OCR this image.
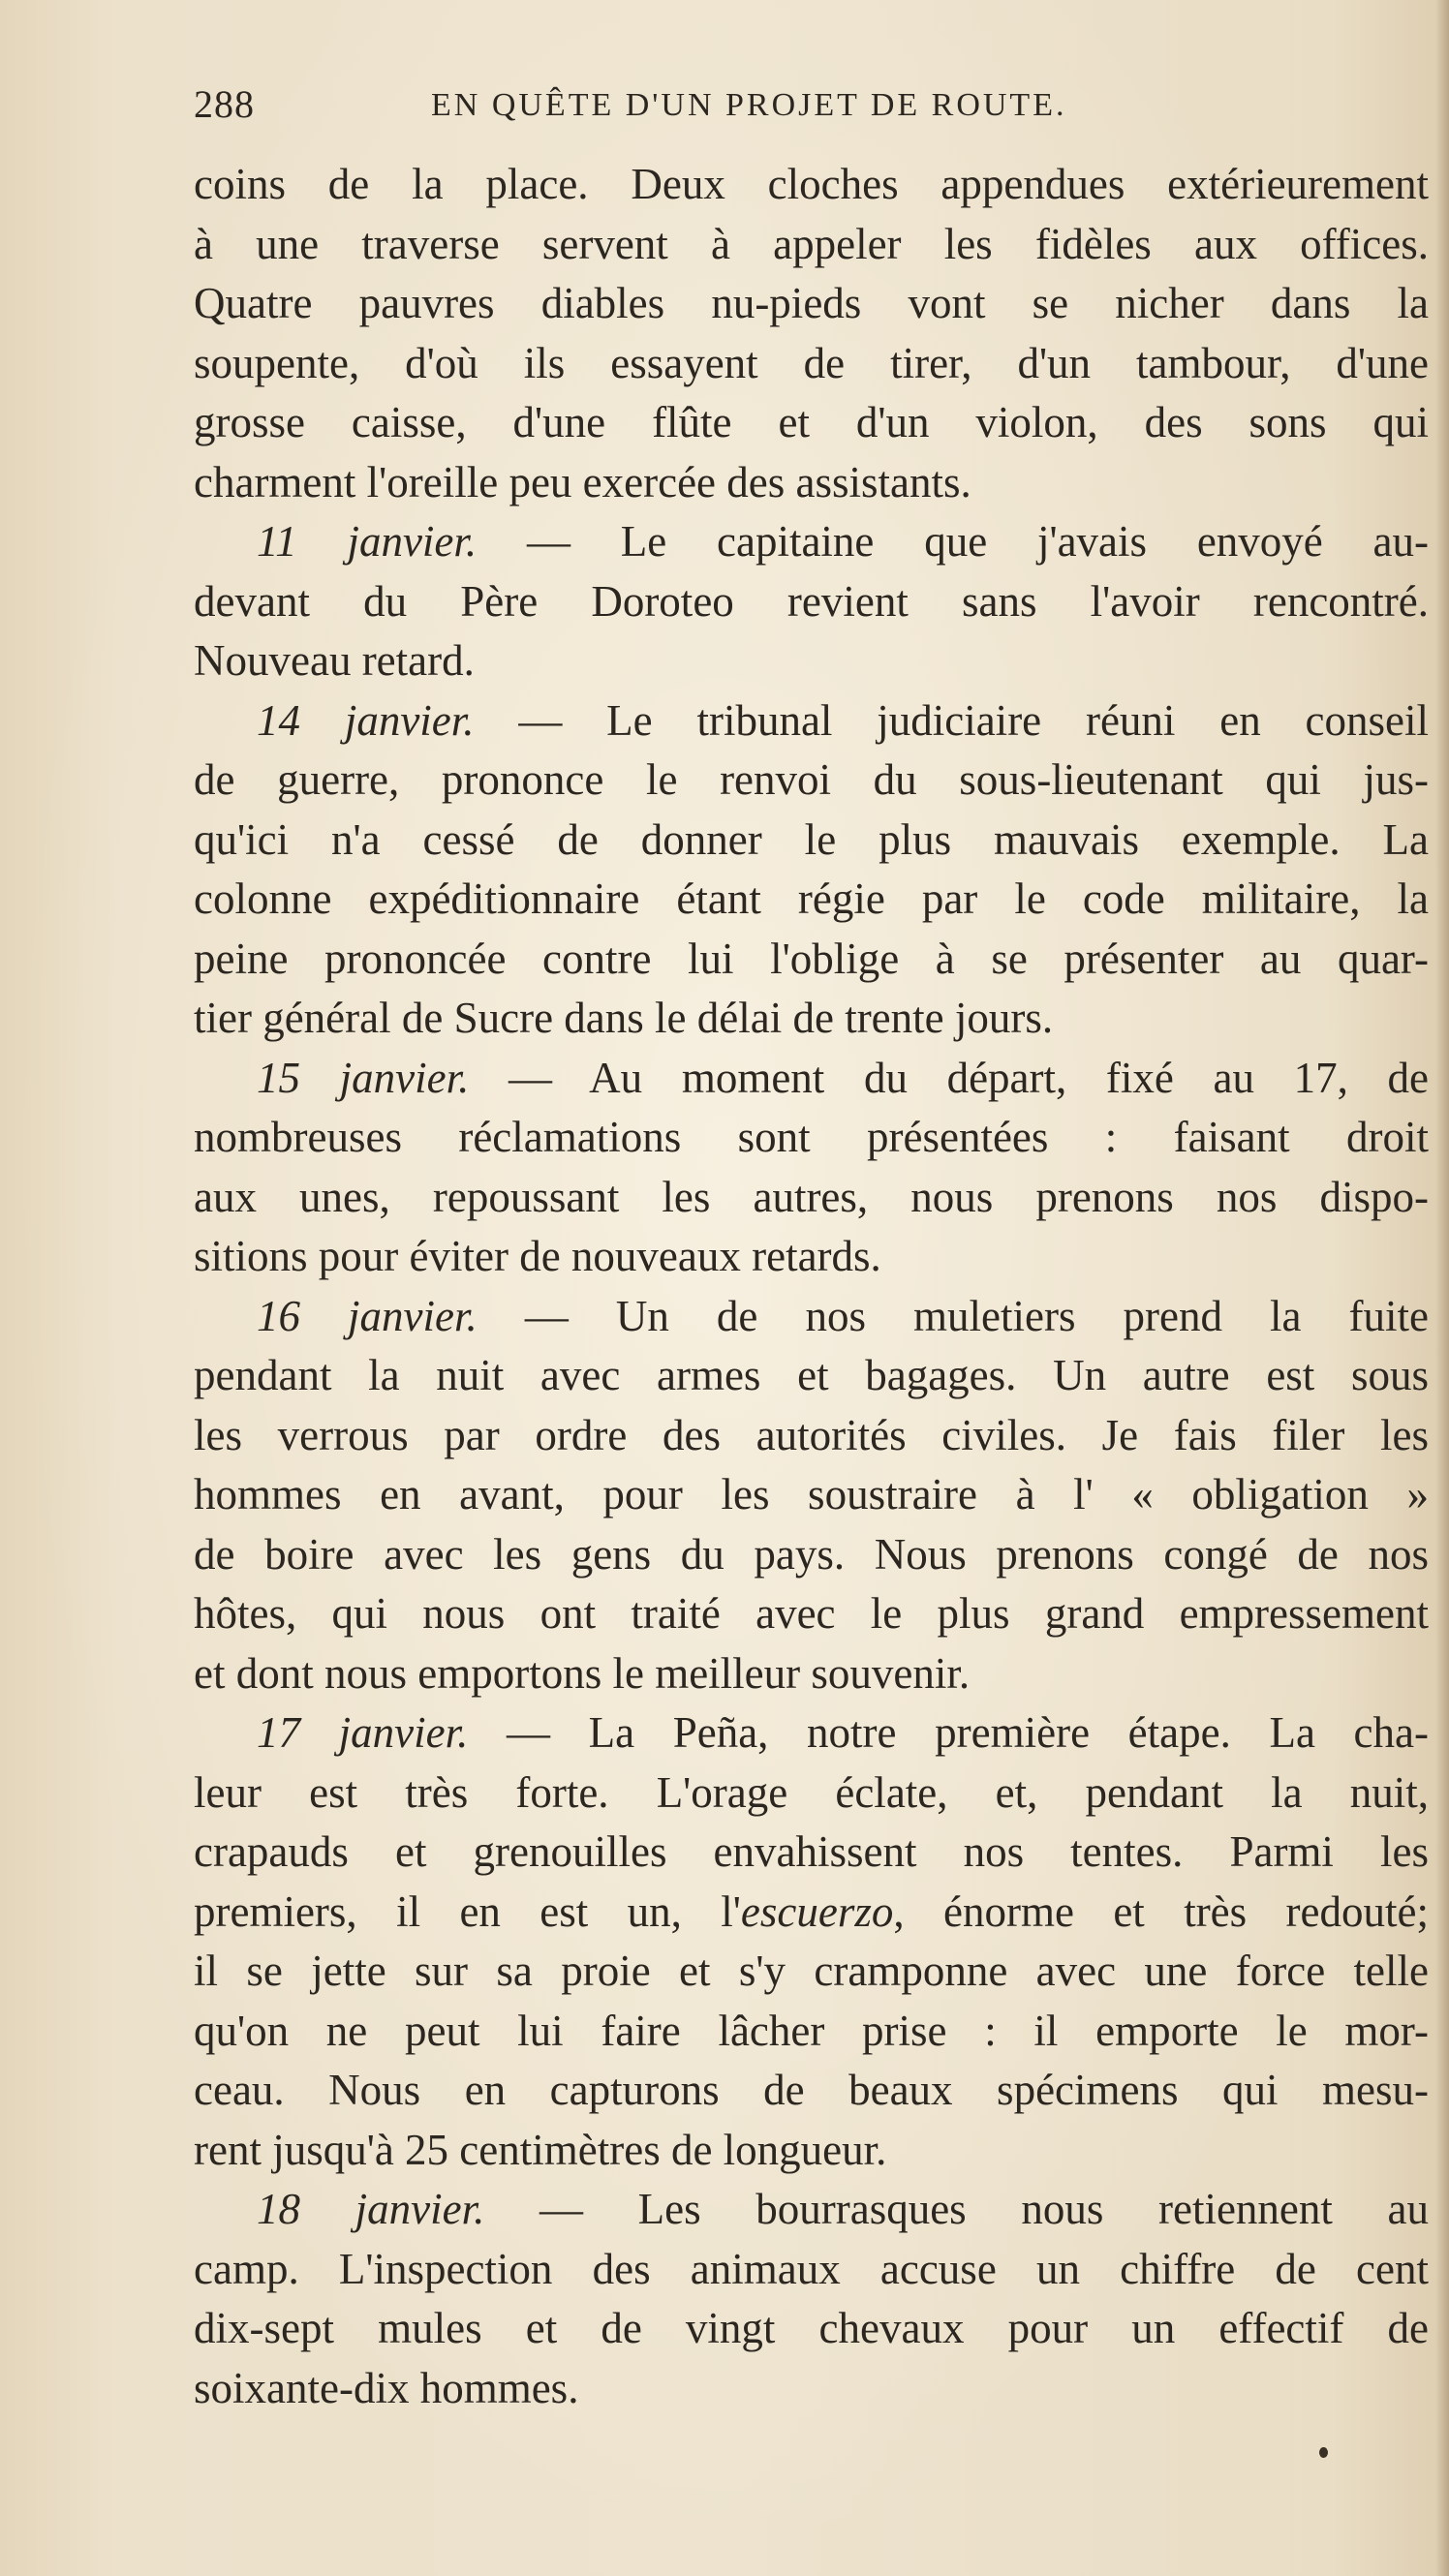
288	EN QUÊTE D'UN PROJET DE ROUTE.
coins de la place. Deux cloches appendues extérieurement
à une traverse servent à appeler les fidèles aux offices.
Quatre pauvres diables nu-pieds vont se nicher dans la
soupente, d'où ils essayent de tirer, d'un tambour, d'une
grosse caisse, d'une flûte et d'un violon, des sons qui
charment l'oreille peu exercée des assistants.
11 janvier. — Le capitaine que j'avais envoyé au-
devant du Père Doroteo revient sans l'avoir rencontré.
Nouveau retard.
14 janvier. — Le tribunal judiciaire réuni en conseil
de guerre, prononce le renvoi du sous-lieutenant qui jus-
qu'ici n'a cessé de donner le plus mauvais exemple. La
colonne expéditionnaire étant régie par le code militaire, la
peine prononcée contre lui l'oblige à se présenter au quar-
tier général de Sucre dans le délai de trente jours.
15 janvier. — Au moment du départ, fixé au 17, de
nombreuses réclamations sont présentées : faisant droit
aux unes, repoussant les autres, nous prenons nos dispo-
sitions pour éviter de nouveaux retards.
16 janvier. — Un de nos muletiers prend la fuite
pendant la nuit avec armes et bagages. Un autre est sous
les verrous par ordre des autorités civiles. Je fais filer les
hommes en avant, pour les soustraire à l' « obligation »
de boire avec les gens du pays. Nous prenons congé de nos
hôtes, qui nous ont traité avec le plus grand empressement
et dont nous emportons le meilleur souvenir.
17 janvier. — La Peña, notre première étape. La cha-
leur est très forte. L'orage éclate, et, pendant la nuit,
crapauds et grenouilles envahissent nos tentes. Parmi les
premiers, il en est un, l'escuerzo, énorme et très redouté;
il se jette sur sa proie et s'y cramponne avec une force telle
qu'on ne peut lui faire lâcher prise : il emporte le mor-
ceau. Nous en capturons de beaux spécimens qui mesu-
rent jusqu'à 25 centimètres de longueur.
18 janvier. — Les bourrasques nous retiennent au
camp. L'inspection des animaux accuse un chiffre de cent
dix-sept mules et de vingt chevaux pour un effectif de
soixante-dix hommes.
